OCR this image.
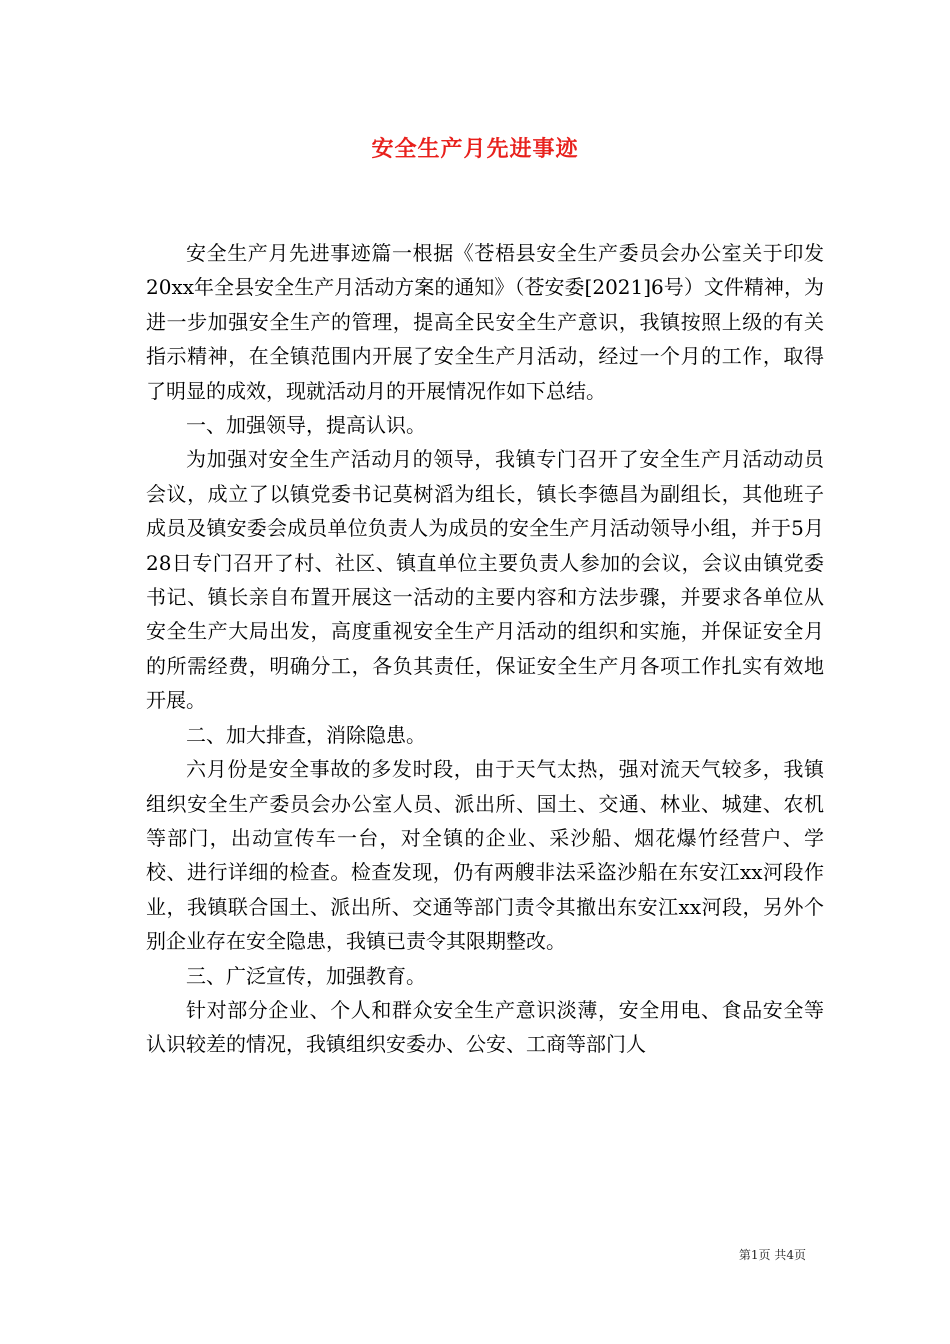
安全生产月先进事迹

安全生产月先进事迹篇一根据《苍梧县安全生产委员会办公室关于印发20xx年全县安全生产月活动方案的通知》（苍安委[2021]6号）文件精神，为进一步加强安全生产的管理，提高全民安全生产意识，我镇按照上级的有关指示精神，在全镇范围内开展了安全生产月活动，经过一个月的工作，取得了明显的成效，现就活动月的开展情况作如下总结。

一、加强领导，提高认识。

为加强对安全生产活动月的领导，我镇专门召开了安全生产月活动动员会议，成立了以镇党委书记莫树滔为组长，镇长李德昌为副组长，其他班子成员及镇安委会成员单位负责人为成员的安全生产月活动领导小组，并于5月28日专门召开了村、社区、镇直单位主要负责人参加的会议，会议由镇党委书记、镇长亲自布置开展这一活动的主要内容和方法步骤，并要求各单位从安全生产大局出发，高度重视安全生产月活动的组织和实施，并保证安全月的所需经费，明确分工，各负其责任，保证安全生产月各项工作扎实有效地开展。

二、加大排查，消除隐患。

六月份是安全事故的多发时段，由于天气太热，强对流天气较多，我镇组织安全生产委员会办公室人员、派出所、国土、交通、林业、城建、农机等部门，出动宣传车一台，对全镇的企业、采沙船、烟花爆竹经营户、学校、进行详细的检查。检查发现，仍有两艘非法采盗沙船在东安江xx河段作业，我镇联合国土、派出所、交通等部门责令其撤出东安江xx河段，另外个别企业存在安全隐患，我镇已责令其限期整改。

三、广泛宣传，加强教育。

针对部分企业、个人和群众安全生产意识淡薄，安全用电、食品安全等认识较差的情况，我镇组织安委办、公安、工商等部门人

第1页 共4页
